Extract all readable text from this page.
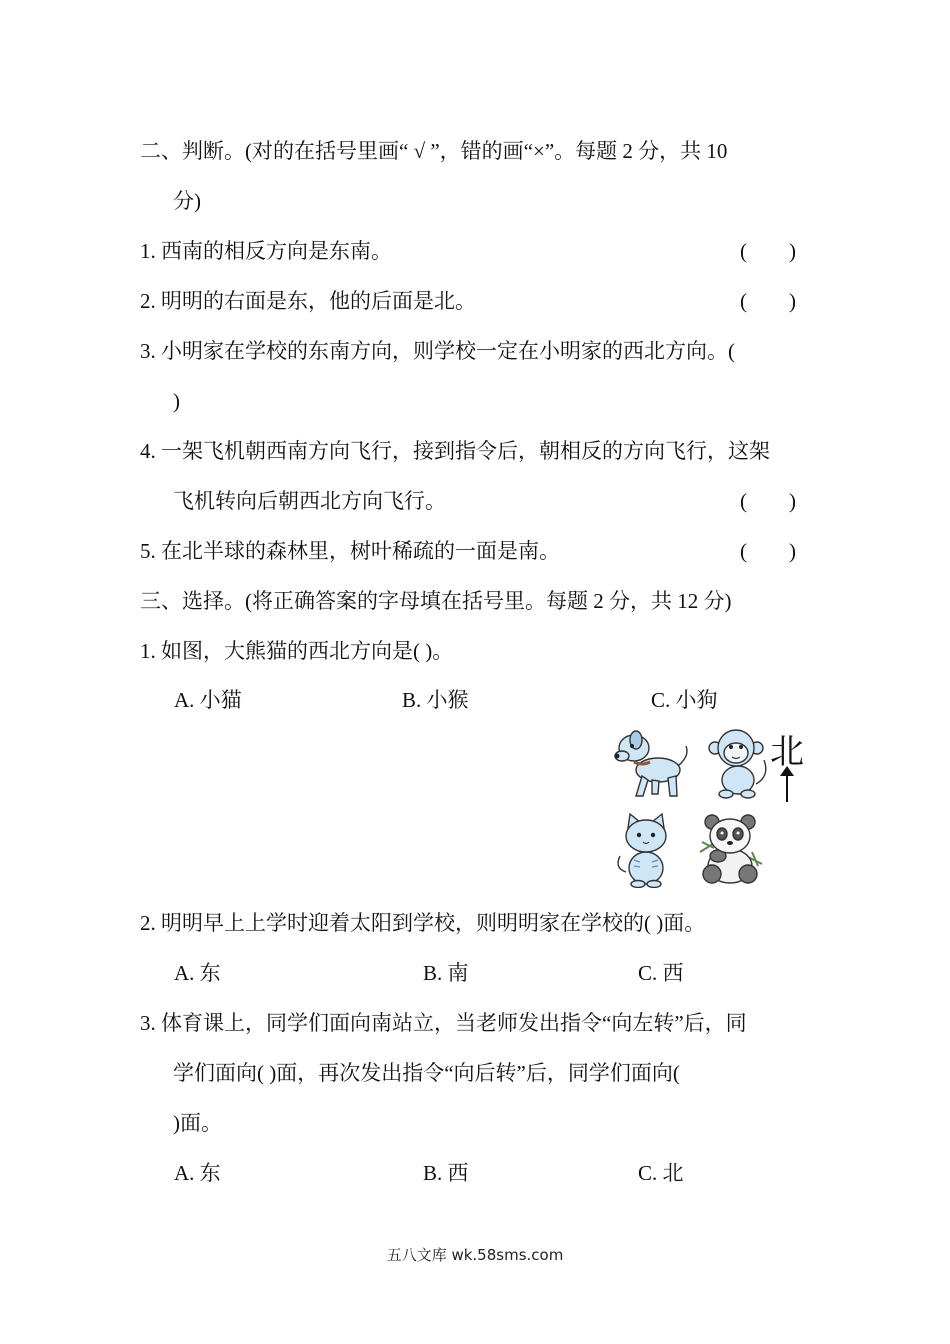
二、判断。(对的在括号里画“ √ ”，错的画“×”。每题 2 分，共 10
分)
1. 西南的相反方向是东南。	(        )
2. 明明的右面是东，他的后面是北。	(        )
3. 小明家在学校的东南方向，则学校一定在小明家的西北方向。(
)
4. 一架飞机朝西南方向飞行，接到指令后，朝相反的方向飞行，这架
飞机转向后朝西北方向飞行。	(        )
5. 在北半球的森林里，树叶稀疏的一面是南。	(        )
三、选择。(将正确答案的字母填在括号里。每题 2 分，共 12 分)
1. 如图，大熊猫的西北方向是( )。
A. 小猫	B. 小猴	C. 小狗
北
2. 明明早上上学时迎着太阳到学校，则明明家在学校的( )面。
A. 东	B. 南	C. 西
3. 体育课上，同学们面向南站立，当老师发出指令“向左转”后，同
学们面向( )面，再次发出指令“向后转”后，同学们面向(
)面。
A. 东	B. 西	C. 北
五八文库 wk.58sms.com
